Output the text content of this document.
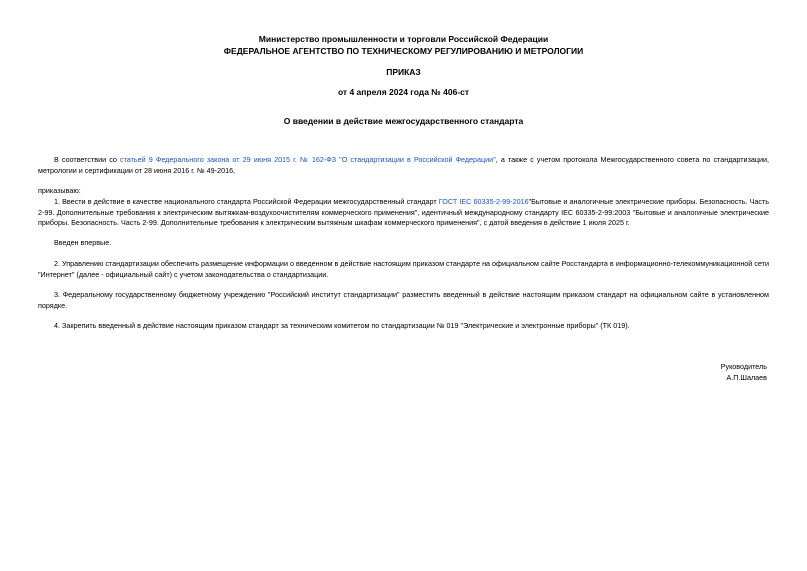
Министерство промышленности и торговли Российской Федерации
ФЕДЕРАЛЬНОЕ АГЕНТСТВО ПО ТЕХНИЧЕСКОМУ РЕГУЛИРОВАНИЮ И МЕТРОЛОГИИ
ПРИКАЗ
от 4 апреля 2024 года № 406-ст
О введении в действие межгосударственного стандарта
В соответствии со статьей 9 Федерального закона от 29 июня 2015 г. № 162-ФЗ "О стандартизации в Российской Федерации", а также с учетом протокола Межгосударственного совета по стандартизации, метрологии и сертификации от 28 июня 2016 г. № 49-2016,
приказываю:
1. Ввести в действие в качестве национального стандарта Российской Федерации межгосударственный стандарт ГОСТ IEC 60335-2-99-2016"Бытовые и аналогичные электрические приборы. Безопасность. Часть 2-99. Дополнительные требования к электрическим вытяжкам-воздухоочистителям коммерческого применения", идентичный международному стандарту IEC 60335-2-99:2003 "Бытовые и аналогичные электрические приборы. Безопасность. Часть 2-99. Дополнительные требования к электрическим вытяжным шкафам коммерческого применения", с датой введения в действие 1 июля 2025 г.
Введен впервые.
2. Управлению стандартизации обеспечить размещение информации о введенном в действие настоящим приказом стандарте на официальном сайте Росстандарта в информационно-телекоммуникационной сети "Интернет" (далее - официальный сайт) с учетом законодательства о стандартизации.
3. Федеральному государственному бюджетному учреждению "Российский институт стандартизации" разместить введенный в действие настоящим приказом стандарт на официальном сайте в установленном порядке.
4. Закрепить введенный в действие настоящим приказом стандарт за техническим комитетом по стандартизации № 019 "Электрические и электронные приборы" (ТК 019).
Руководитель
А.П.Шалаев
